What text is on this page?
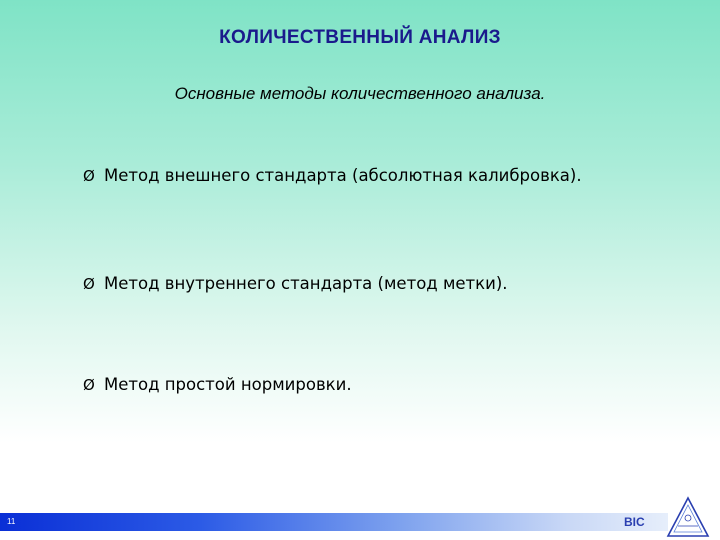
КОЛИЧЕСТВЕННЫЙ АНАЛИЗ
Основные методы количественного анализа.
Ø Метод внешнего стандарта (абсолютная калибровка).
Ø Метод внутреннего стандарта (метод метки).
Ø Метод простой нормировки.
11	BIC
